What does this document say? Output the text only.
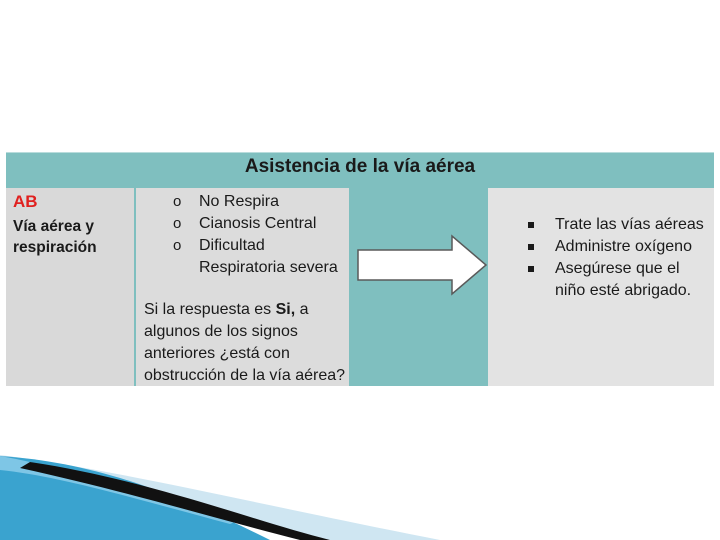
Asistencia de la vía aérea
AB
Vía aérea y respiración
o No Respira
o Cianosis Central
o Dificultad Respiratoria severa
Si la respuesta es Si, a algunos de los signos anteriores ¿está con obstrucción de la vía aérea?
Trate las vías aéreas
Administre oxígeno
Asegúrese que el niño esté abrigado.
